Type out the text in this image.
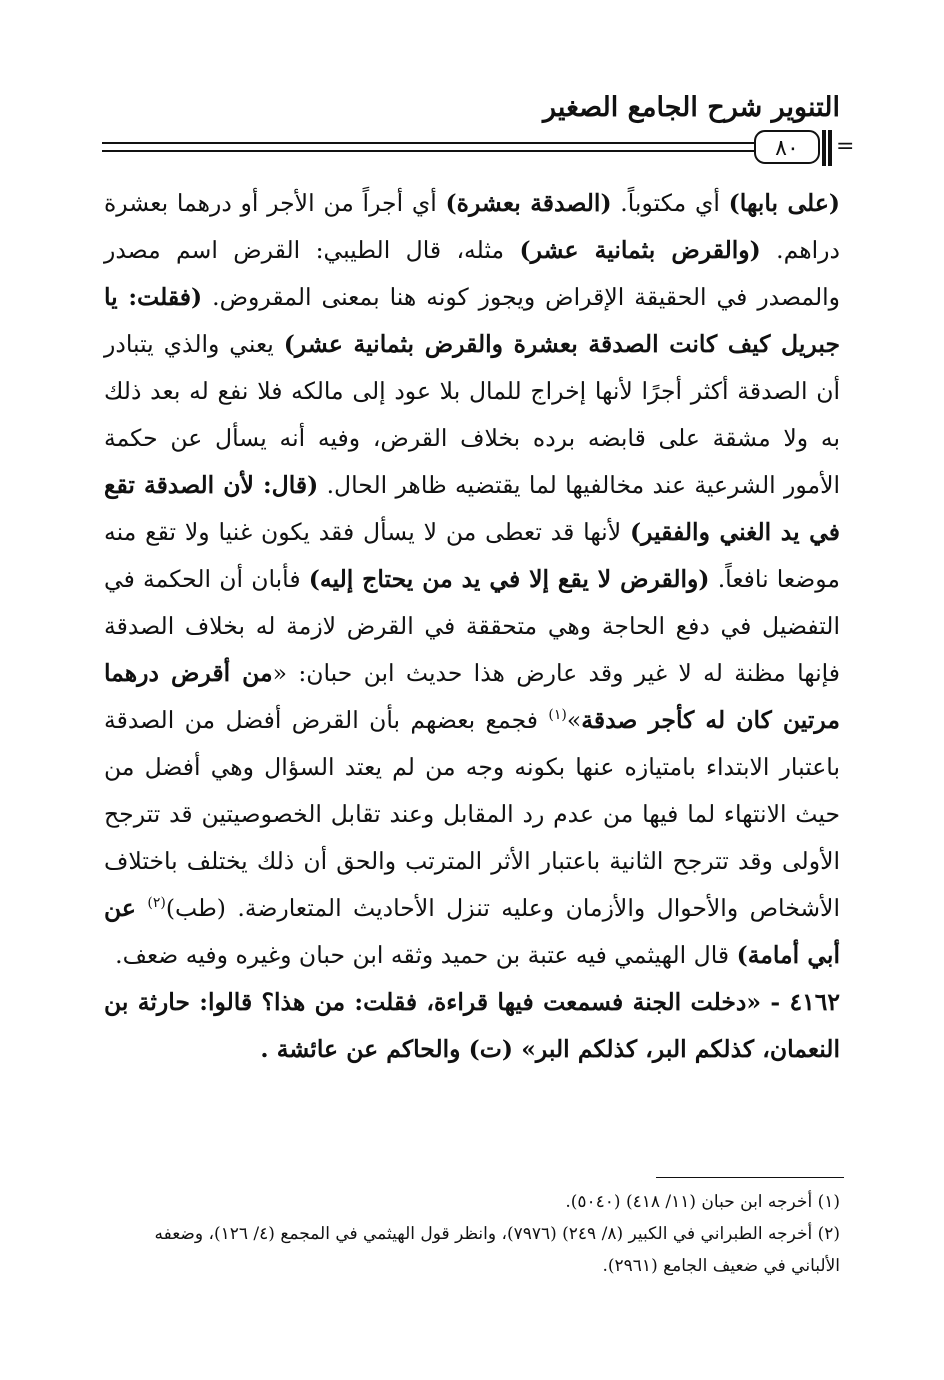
التنوير شرح الجامع الصغير
٨٠	=

(على بابها) أي مكتوباً. (الصدقة بعشرة) أي أجراً من الأجر أو درهما بعشرة دراهم. (والقرض بثمانية عشر) مثله، قال الطيبي: القرض اسم مصدر والمصدر في الحقيقة الإقراض ويجوز كونه هنا بمعنى المقروض. (فقلت: يا جبريل كيف كانت الصدقة بعشرة والقرض بثمانية عشر) يعني والذي يتبادر أن الصدقة أكثر أجرًا لأنها إخراج للمال بلا عود إلى مالكه فلا نفع له بعد ذلك به ولا مشقة على قابضه برده بخلاف القرض، وفيه أنه يسأل عن حكمة الأمور الشرعية عند مخالفيها لما يقتضيه ظاهر الحال. (قال: لأن الصدقة تقع في يد الغني والفقير) لأنها قد تعطى من لا يسأل فقد يكون غنيا ولا تقع منه موضعا نافعاً. (والقرض لا يقع إلا في يد من يحتاج إليه) فأبان أن الحكمة في التفضيل في دفع الحاجة وهي متحققة في القرض لازمة له بخلاف الصدقة فإنها مظنة له لا غير وقد عارض هذا حديث ابن حبان: «من أقرض درهما مرتين كان له كأجر صدقة»$^{(١)}$ فجمع بعضهم بأن القرض أفضل من الصدقة باعتبار الابتداء بامتيازه عنها بكونه وجه من لم يعتد السؤال وهي أفضل من حيث الانتهاء لما فيها من عدم رد المقابل وعند تقابل الخصوصيتين قد تترجح الأولى وقد تترجح الثانية باعتبار الأثر المترتب والحق أن ذلك يختلف باختلاف الأشخاص والأحوال والأزمان وعليه تنزل الأحاديث المتعارضة. (طب)$^{(٢)}$ عن أبي أمامة) قال الهيثمي فيه عتبة بن حميد وثقه ابن حبان وغيره وفيه ضعف.

٤١٦٢ - «دخلت الجنة فسمعت فيها قراءة، فقلت: من هذا؟ قالوا: حارثة بن النعمان، كذلكم البر، كذلكم البر» (ت) والحاكم عن عائشة .

(١) أخرجه ابن حبان (١١/ ٤١٨) (٥٠٤٠).

(٢) أخرجه الطبراني في الكبير (٨/ ٢٤٩) (٧٩٧٦)، وانظر قول الهيثمي في المجمع (٤/ ١٢٦)، وضعفه الألباني في ضعيف الجامع (٢٩٦١).
